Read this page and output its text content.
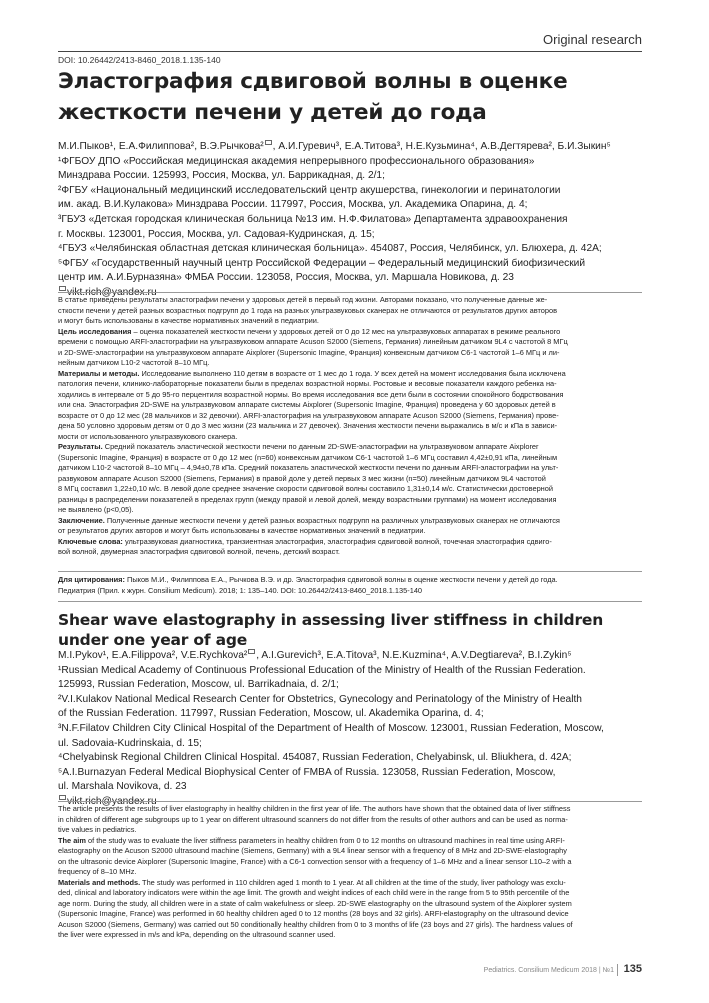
Original research
DOI: 10.26442/2413-8460_2018.1.135-140
Эластография сдвиговой волны в оценке
жесткости печени у детей до года
М.И.Пыков¹, Е.А.Филиппова², В.Э.Рычкова² , А.И.Гуревич³, Е.А.Титова³, Н.Е.Кузьмина⁴, А.В.Дегтярева², Б.И.Зыкин⁵
¹ФГБОУ ДПО «Российская медицинская академия непрерывного профессионального образования»
Минздрава России. 125993, Россия, Москва, ул. Баррикадная, д. 2/1;
²ФГБУ «Национальный медицинский исследовательский центр акушерства, гинекологии и перинатологии
им. акад. В.И.Кулакова» Минздрава России. 117997, Россия, Москва, ул. Академика Опарина, д. 4;
³ГБУЗ «Детская городская клиническая больница №13 им. Н.Ф.Филатова» Департамента здравоохранения
г. Москвы. 123001, Россия, Москва, ул. Садовая-Кудринская, д. 15;
⁴ГБУЗ «Челябинская областная детская клиническая больница». 454087, Россия, Челябинск, ул. Блюхера, д. 42А;
⁵ФГБУ «Государственный научный центр Российской Федерации – Федеральный медицинский биофизический
центр им. А.И.Бурназяна» ФМБА России. 123058, Россия, Москва, ул. Маршала Новикова, д. 23
vikt.rich@yandex.ru
В статье приведены результаты эластографии печени у здоровых детей в первый год жизни. Авторами показано, что полученные данные же-
сткости печени у детей разных возрастных подгрупп до 1 года на разных ультразвуковых сканерах не отличаются от результатов других авторов
и могут быть использованы в качестве нормативных значений в педиатрии.
Цель исследования – оценка показателей жесткости печени у здоровых детей от 0 до 12 мес на ультразвуковых аппаратах в режиме реального
времени с помощью ARFI-эластографии на ультразвуковом аппарате Acuson S2000 (Siemens, Германия) линейным датчиком 9L4 с частотой 8 МГц
и 2D-SWE-эластографии на ультразвуковом аппарате Aixplorer (Supersonic Imagine, Франция) конвексным датчиком С6-1 частотой 1–6 МГц и ли-
нейным датчиком L10-2 частотой 8–10 МГц.
Материалы и методы. Исследование выполнено 110 детям в возрасте от 1 мес до 1 года. У всех детей на момент исследования была исключена
патология печени, клинико-лабораторные показатели были в пределах возрастной нормы. Ростовые и весовые показатели каждого ребенка на-
ходились в интервале от 5 до 95-го перцентиля возрастной нормы. Во время исследования все дети были в состоянии спокойного бодрствования
или сна. Эластография 2D-SWE на ультразвуковом аппарате системы Aixplorer (Supersonic Imagine, Франция) проведена у 60 здоровых детей в
возрасте от 0 до 12 мес (28 мальчиков и 32 девочки). ARFI-эластография на ультразвуковом аппарате Acuson S2000 (Siemens, Германия) прове-
дена 50 условно здоровым детям от 0 до 3 мес жизни (23 мальчика и 27 девочек). Значения жесткости печени выражались в м/с и кПа в зависи-
мости от использованного ультразвукового сканера.
Результаты. Средний показатель эластической жесткости печени по данным 2D-SWE-эластографии на ультразвуковом аппарате Aixplorer
(Supersonic Imagine, Франция) в возрасте от 0 до 12 мес (n=60) конвексным датчиком С6-1 частотой 1–6 МГц составил 4,42±0,91 кПа, линейным
датчиком L10-2 частотой 8–10 МГц – 4,94±0,78 кПа. Средний показатель эластической жесткости печени по данным ARFI-эластографии на ульт-
развуковом аппарате Acuson S2000 (Siemens, Германия) в правой доле у детей первых 3 мес жизни (n=50) линейным датчиком 9L4 частотой
8 МГц составил 1,22±0,10 м/с. В левой доле среднее значение скорости сдвиговой волны составило 1,31±0,14 м/с. Статистически достоверной
разницы в распределении показателей в пределах групп (между правой и левой долей, между возрастными группами) на момент исследования
не выявлено (p<0,05).
Заключение. Полученные данные жесткости печени у детей разных возрастных подгрупп на различных ультразвуковых сканерах не отличаются
от результатов других авторов и могут быть использованы в качестве нормативных значений в педиатрии.
Ключевые слова: ультразвуковая диагностика, транзиентная эластография, эластография сдвиговой волной, точечная эластография сдвиго-
вой волной, двумерная эластография сдвиговой волной, печень, детский возраст.
Для цитирования: Пыков М.И., Филиппова Е.А., Рычкова В.Э. и др. Эластография сдвиговой волны в оценке жесткости печени у детей до года.
Педиатрия (Прил. к журн. Consilium Medicum). 2018; 1: 135–140. DOI: 10.26442/2413-8460_2018.1.135-140
Shear wave elastography in assessing liver stiffness in children
under one year of age
M.I.Pykov¹, E.A.Filippova², V.E.Rychkova² , A.I.Gurevich³, E.A.Titova³, N.E.Kuzmina⁴, A.V.Degtiareva², B.I.Zykin⁵
¹Russian Medical Academy of Continuous Professional Education of the Ministry of Health of the Russian Federation.
125993, Russian Federation, Moscow, ul. Barrikadnaia, d. 2/1;
²V.I.Kulakov National Medical Research Center for Obstetrics, Gynecology and Perinatology of the Ministry of Health
of the Russian Federation. 117997, Russian Federation, Moscow, ul. Akademika Oparina, d. 4;
³N.F.Filatov Children City Clinical Hospital of the Department of Health of Moscow. 123001, Russian Federation, Moscow,
ul. Sadovaia-Kudrinskaia, d. 15;
⁴Chelyabinsk Regional Children Clinical Hospital. 454087, Russian Federation, Chelyabinsk, ul. Bliukhera, d. 42A;
⁵A.I.Burnazyan Federal Medical Biophysical Center of FMBA of Russia. 123058, Russian Federation, Moscow,
ul. Marshala Novikova, d. 23
vikt.rich@yandex.ru
The article presents the results of liver elastography in healthy children in the first year of life. The authors have shown that the obtained data of liver stiffness
in children of different age subgroups up to 1 year on different ultrasound scanners do not differ from the results of other authors and can be used as norma-
tive values in pediatrics.
The aim of the study was to evaluate the liver stiffness parameters in healthy children from 0 to 12 months on ultrasound machines in real time using ARFI-
elastography on the Acuson S2000 ultrasound machine (Siemens, Germany) with a 9L4 linear sensor with a frequency of 8 MHz and 2D-SWE-elastography
on the ultrasonic device Aixplorer (Supersonic Imagine, France) with a C6-1 convection sensor with a frequency of 1–6 MHz and a linear sensor L10–2 with a
frequency of 8–10 MHz.
Materials and methods. The study was performed in 110 children aged 1 month to 1 year. At all children at the time of the study, liver pathology was exclu-
ded, clinical and laboratory indicators were within the age limit. The growth and weight indices of each child were in the range from 5 to 95th percentile of the
age norm. During the study, all children were in a state of calm wakefulness or sleep. 2D-SWE elastography on the ultrasound system of the Aixplorer system
(Supersonic Imagine, France) was performed in 60 healthy children aged 0 to 12 months (28 boys and 32 girls). ARFI-elastography on the ultrasound device
Acuson S2000 (Siemens, Germany) was carried out 50 conditionally healthy children from 0 to 3 months of life (23 boys and 27 girls). The hardness values of
the liver were expressed in m/s and kPa, depending on the ultrasound scanner used.
Pediatrics. Consilium Medicum 2018 | №1 135
